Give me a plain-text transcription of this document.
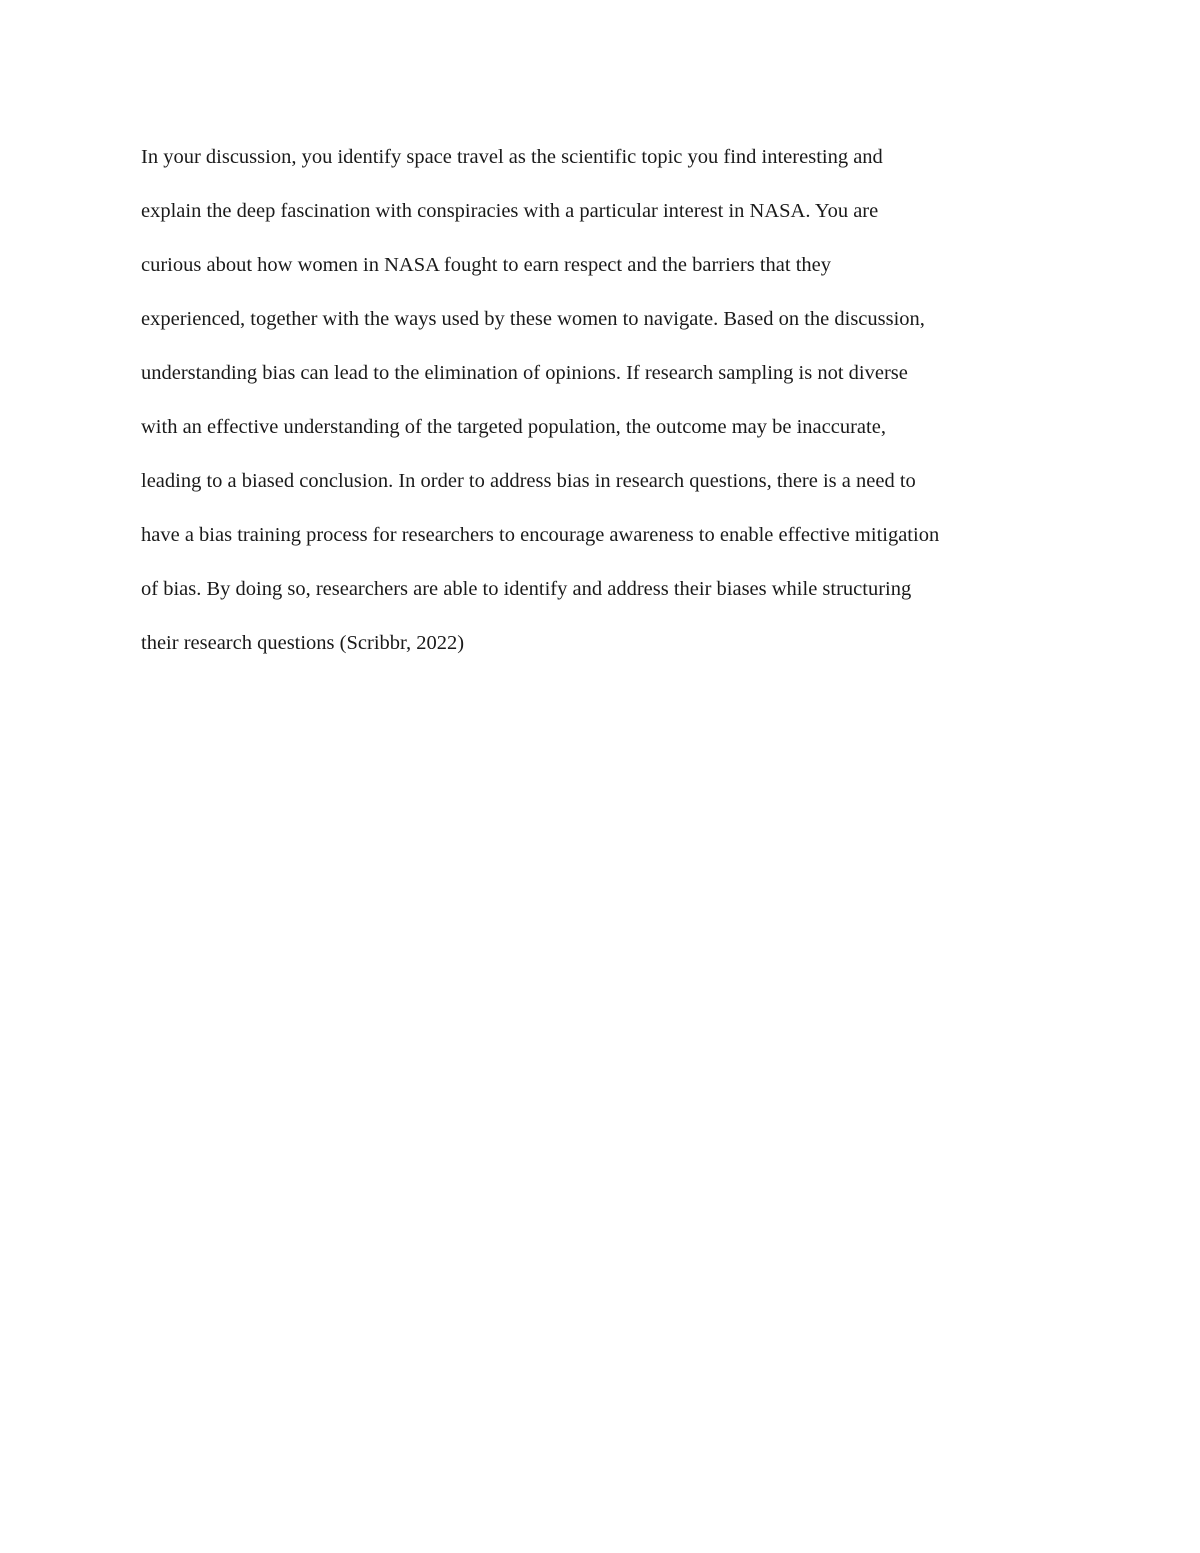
In your discussion, you identify space travel as the scientific topic you find interesting and
explain the deep fascination with conspiracies with a particular interest in NASA. You are
curious about how women in NASA fought to earn respect and the barriers that they
experienced, together with the ways used by these women to navigate. Based on the discussion,
understanding bias can lead to the elimination of opinions. If research sampling is not diverse
with an effective understanding of the targeted population, the outcome may be inaccurate,
leading to a biased conclusion. In order to address bias in research questions, there is a need to
have a bias training process for researchers to encourage awareness to enable effective mitigation
of bias. By doing so, researchers are able to identify and address their biases while structuring
their research questions (Scribbr, 2022)
